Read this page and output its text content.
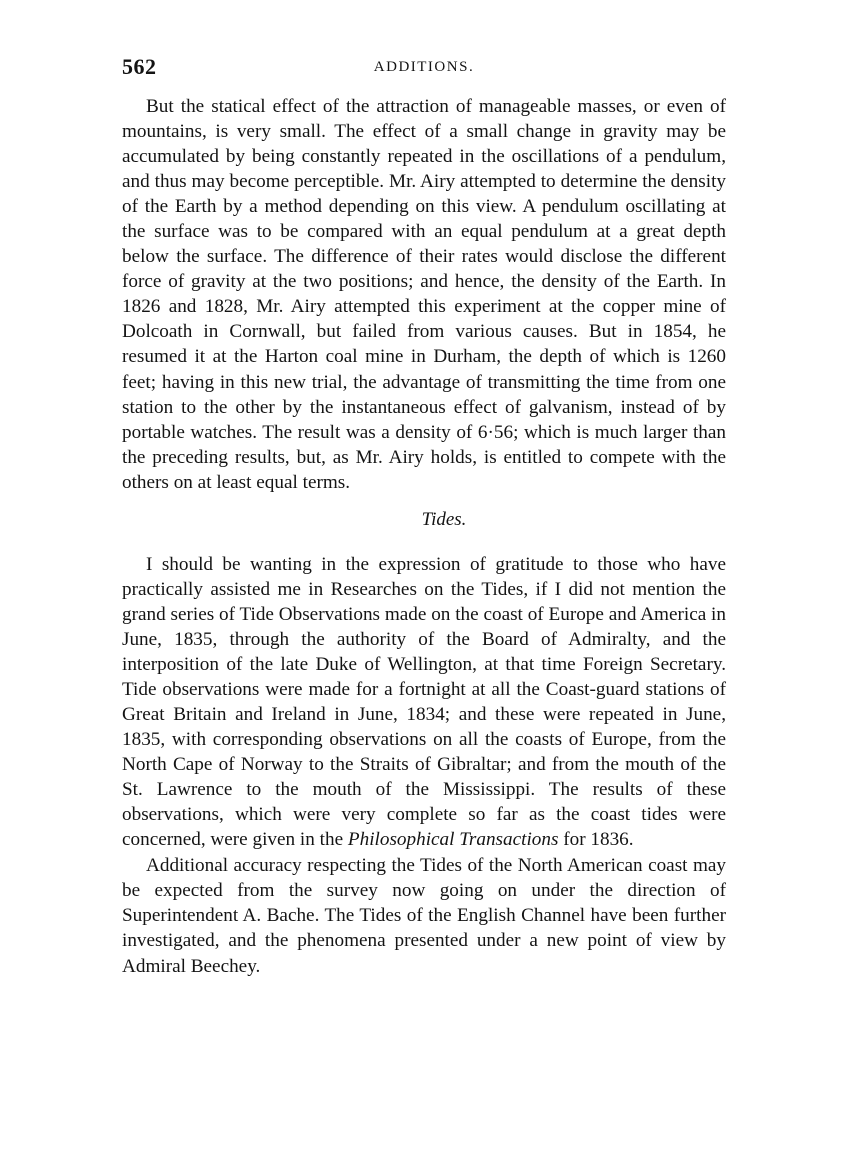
562	ADDITIONS.

But the statical effect of the attraction of manageable masses, or even of mountains, is very small. The effect of a small change in gravity may be accumulated by being constantly repeated in the oscillations of a pendulum, and thus may become perceptible. Mr. Airy attempted to determine the density of the Earth by a method depending on this view. A pendulum oscillating at the surface was to be compared with an equal pendulum at a great depth below the surface. The difference of their rates would disclose the different force of gravity at the two positions; and hence, the density of the Earth. In 1826 and 1828, Mr. Airy attempted this experiment at the copper mine of Dolcoath in Cornwall, but failed from various causes. But in 1854, he resumed it at the Harton coal mine in Durham, the depth of which is 1260 feet; having in this new trial, the advantage of transmitting the time from one station to the other by the instantaneous effect of galvanism, instead of by portable watches. The result was a density of 6·56; which is much larger than the preceding results, but, as Mr. Airy holds, is entitled to compete with the others on at least equal terms.

Tides.

I should be wanting in the expression of gratitude to those who have practically assisted me in Researches on the Tides, if I did not mention the grand series of Tide Observations made on the coast of Europe and America in June, 1835, through the authority of the Board of Admiralty, and the interposition of the late Duke of Wellington, at that time Foreign Secretary. Tide observations were made for a fortnight at all the Coast-guard stations of Great Britain and Ireland in June, 1834; and these were repeated in June, 1835, with corresponding observations on all the coasts of Europe, from the North Cape of Norway to the Straits of Gibraltar; and from the mouth of the St. Lawrence to the mouth of the Mississippi. The results of these observations, which were very complete so far as the coast tides were concerned, were given in the Philosophical Transactions for 1836.

Additional accuracy respecting the Tides of the North American coast may be expected from the survey now going on under the direction of Superintendent A. Bache. The Tides of the English Channel have been further investigated, and the phenomena presented under a new point of view by Admiral Beechey.
